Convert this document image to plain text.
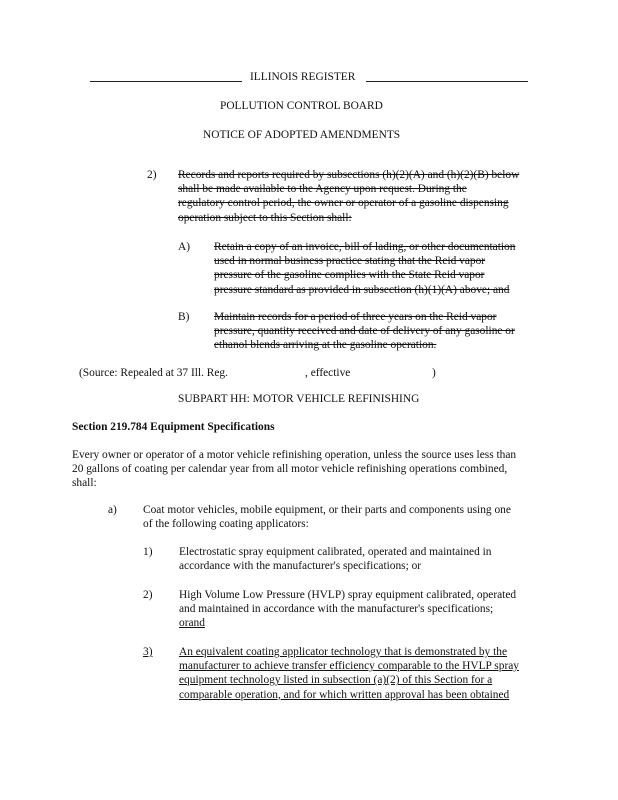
ILLINOIS REGISTER
POLLUTION CONTROL BOARD
NOTICE OF ADOPTED AMENDMENTS
2) Records and reports required by subsections (h)(2)(A) and (h)(2)(B) below
shall be made available to the Agency upon request. During the
regulatory control period, the owner or operator of a gasoline dispensing
operation subject to this Section shall:
A) Retain a copy of an invoice, bill of lading, or other documentation
used in normal business practice stating that the Reid vapor
pressure of the gasoline complies with the State Reid vapor
pressure standard as provided in subsection (h)(1)(A) above; and
B) Maintain records for a period of three years on the Reid vapor
pressure, quantity received and date of delivery of any gasoline or
ethanol blends arriving at the gasoline operation.
(Source: Repealed at 37 Ill. Reg.	, effective	)
SUBPART HH: MOTOR VEHICLE REFINISHING
Section 219.784 Equipment Specifications
Every owner or operator of a motor vehicle refinishing operation, unless the source uses less than
20 gallons of coating per calendar year from all motor vehicle refinishing operations combined,
shall:
a) Coat motor vehicles, mobile equipment, or their parts and components using one
of the following coating applicators:
1) Electrostatic spray equipment calibrated, operated and maintained in
accordance with the manufacturer's specifications; or
2) High Volume Low Pressure (HVLP) spray equipment calibrated, operated
and maintained in accordance with the manufacturer's specifications;
orand
3) An equivalent coating applicator technology that is demonstrated by the
manufacturer to achieve transfer efficiency comparable to the HVLP spray
equipment technology listed in subsection (a)(2) of this Section for a
comparable operation, and for which written approval has been obtained
